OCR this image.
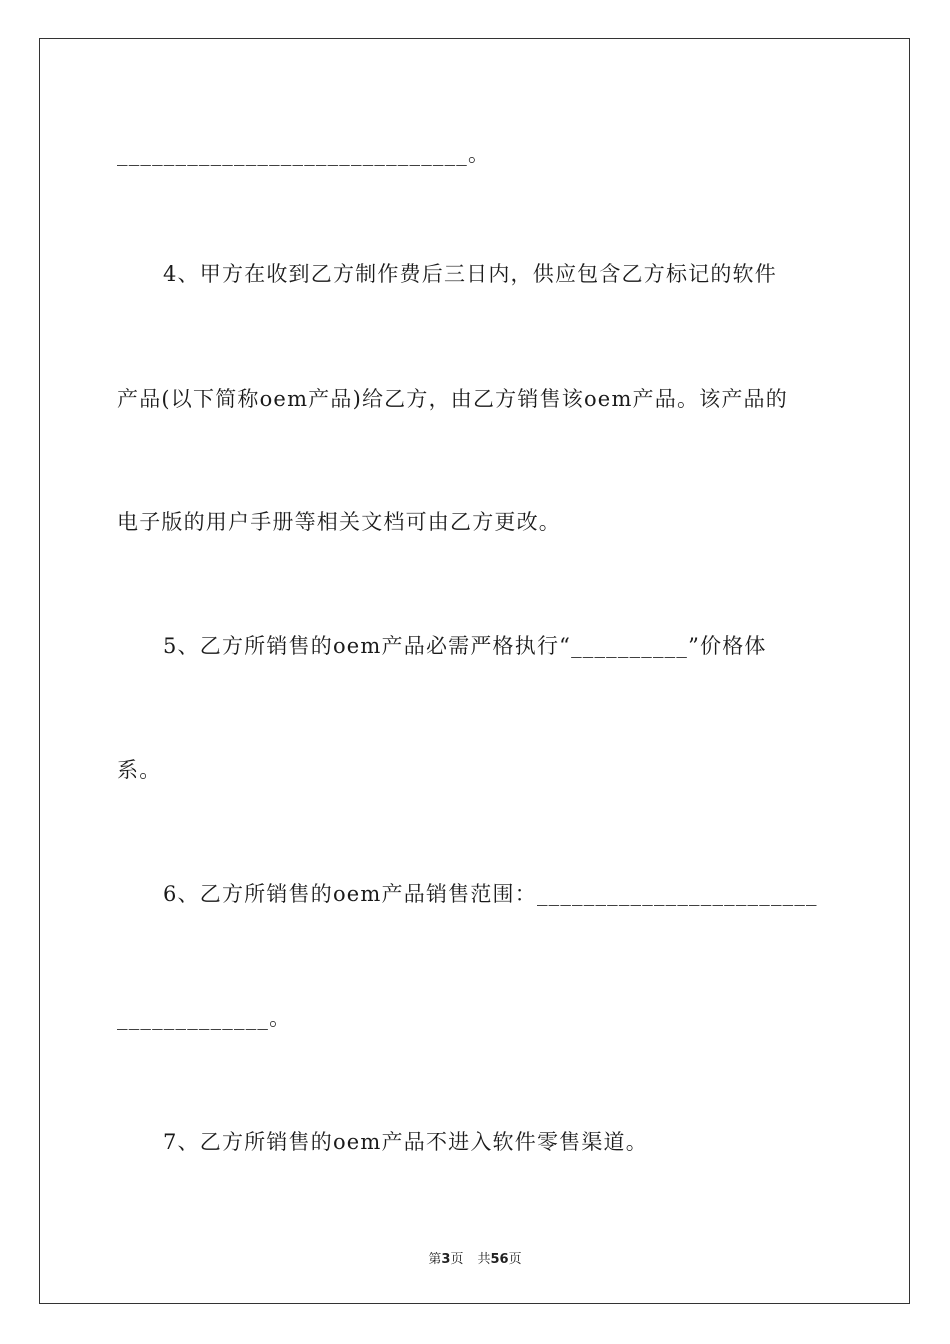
______________________________。
4、甲方在收到乙方制作费后三日内，供应包含乙方标记的软件
产品(以下简称oem产品)给乙方，由乙方销售该oem产品。该产品的
电子版的用户手册等相关文档可由乙方更改。
5、乙方所销售的oem产品必需严格执行“__________”价格体
系。
6、乙方所销售的oem产品销售范围：________________________
_____________。
7、乙方所销售的oem产品不进入软件零售渠道。
第3页 共56页
